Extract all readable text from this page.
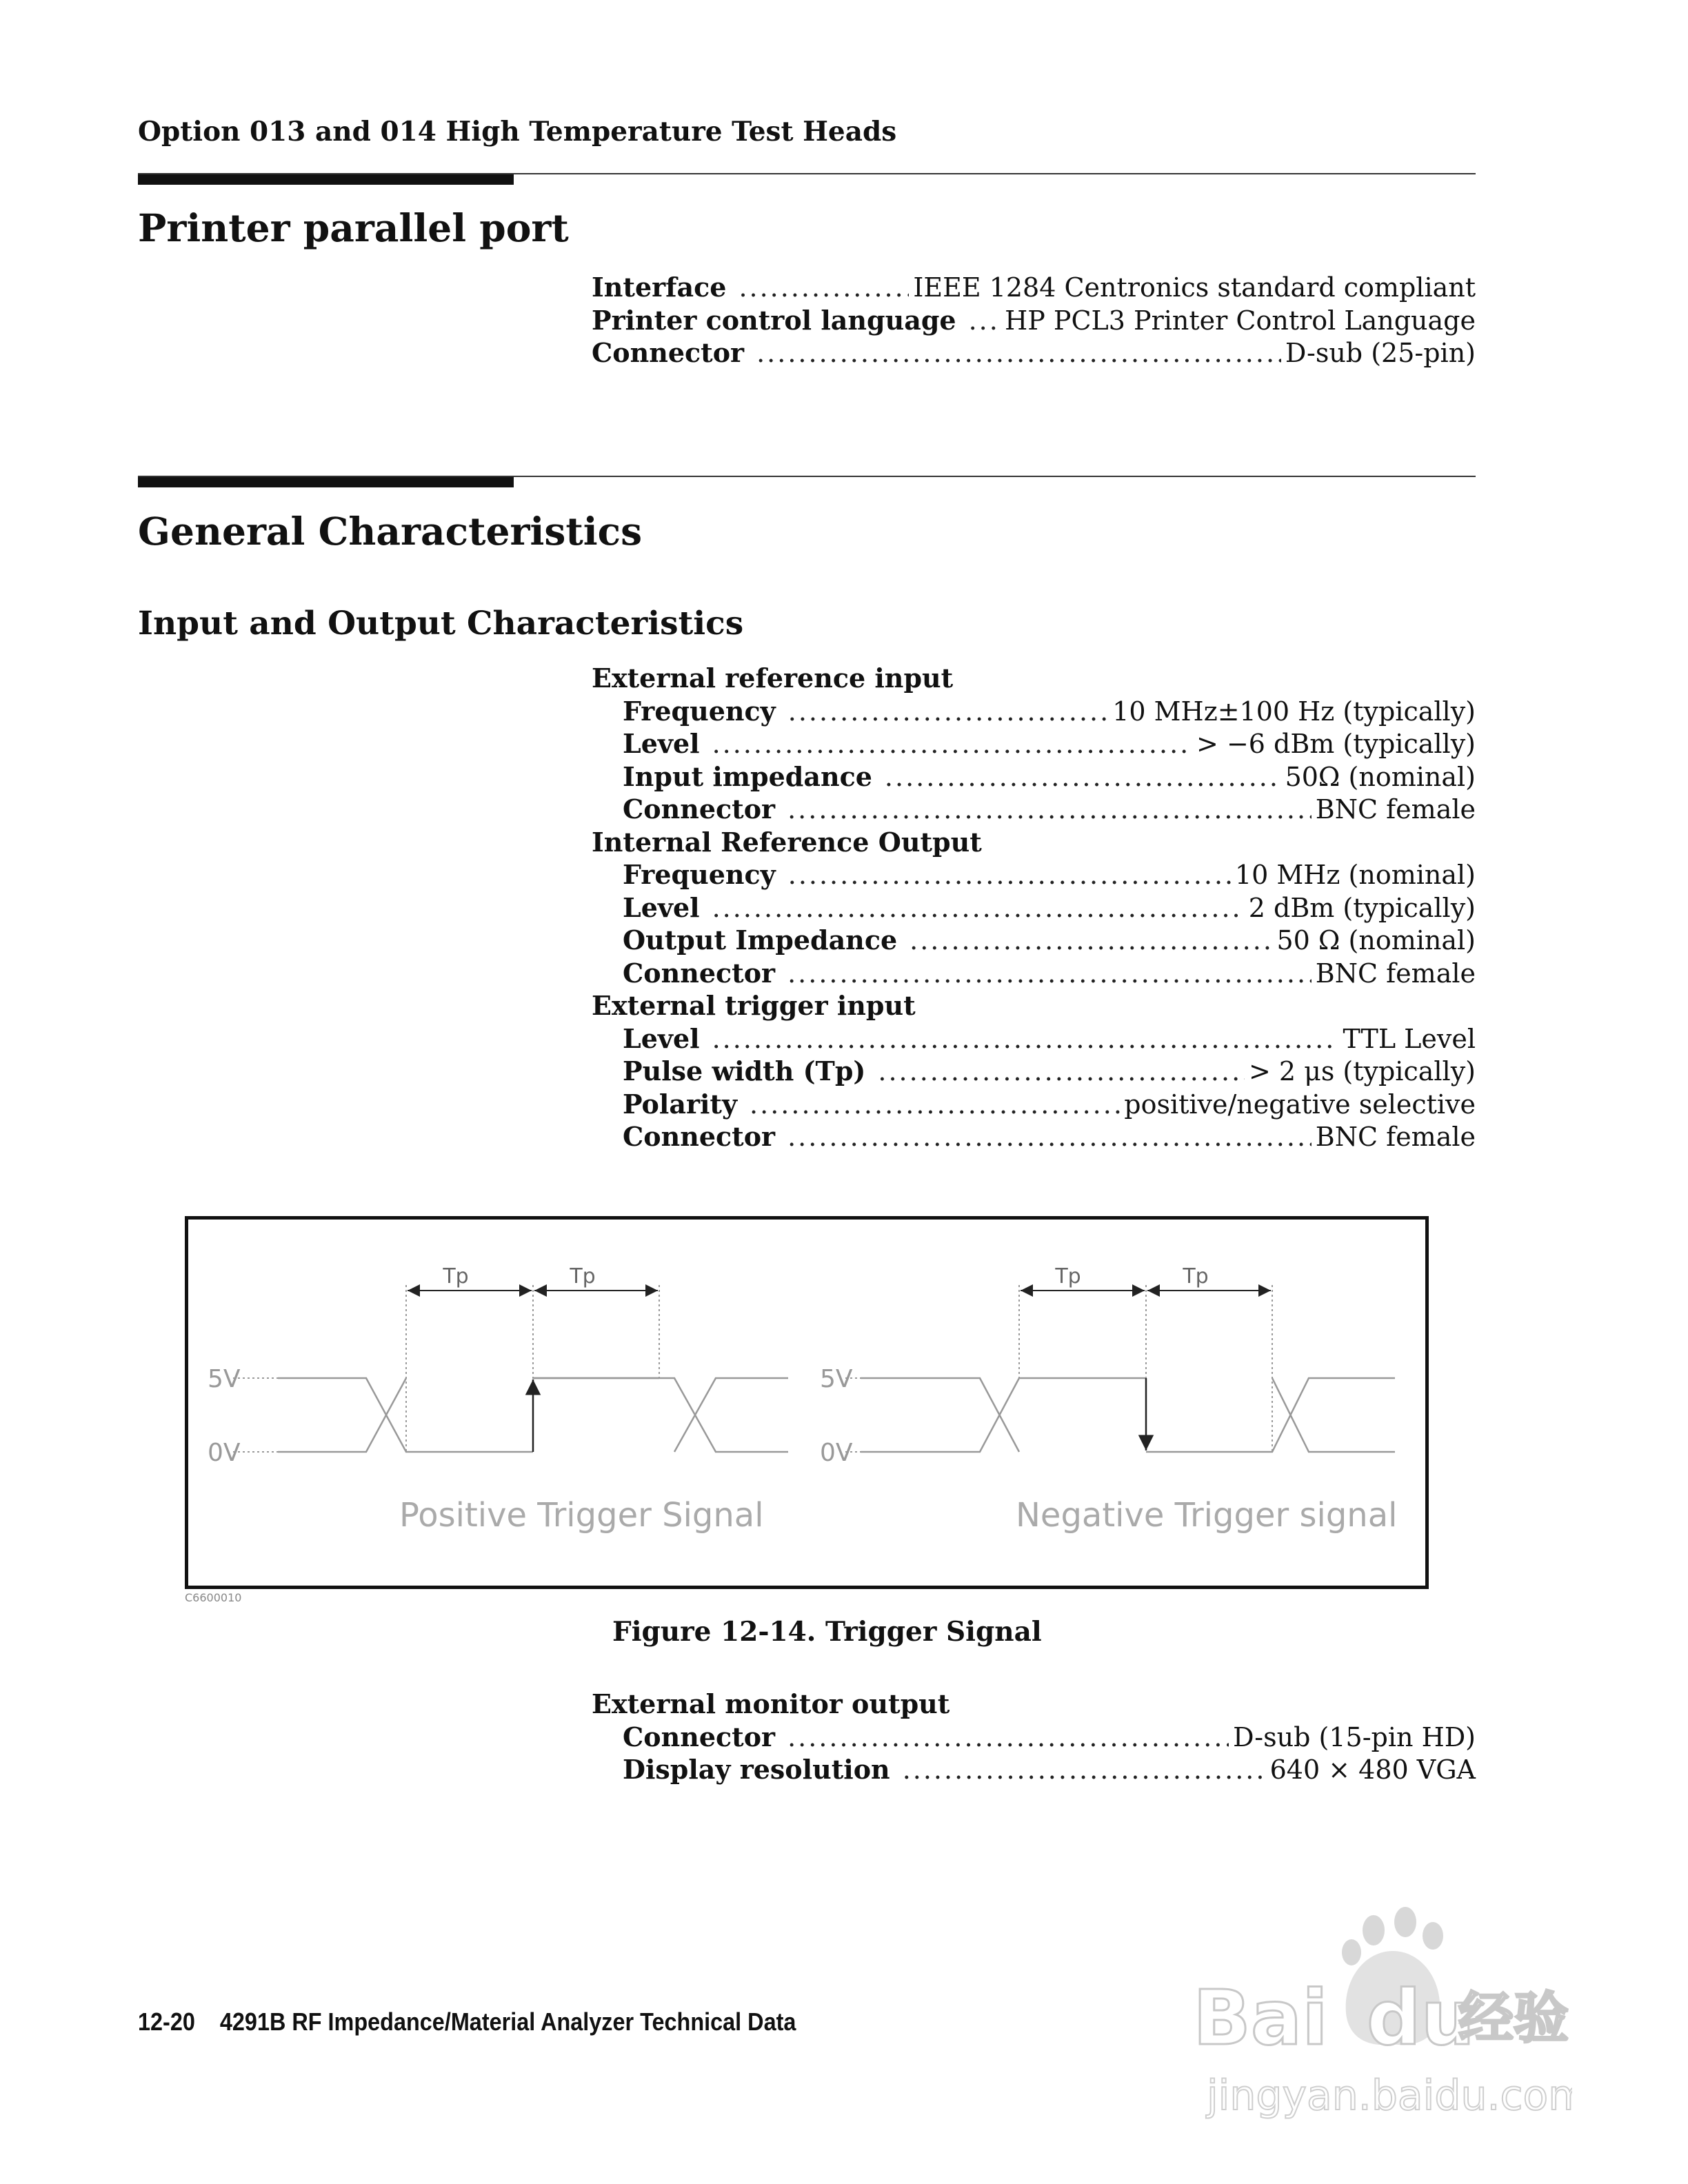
Option 013 and 014 High Temperature Test Heads
Printer parallel port
Interface .....	IEEE 1284 Centronics standard compliant
Printer control language ..... HP PCL3 Printer Control Language
Connector .....	D-sub (25-pin)
General Characteristics
Input and Output Characteristics
External reference input
Frequency .....	10 MHz±100 Hz (typically)
Level .....	> −6 dBm (typically)
Input impedance .....	50Ω (nominal)
Connector .....	BNC female
Internal Reference Output
Frequency .....	10 MHz (nominal)
Level .....	2 dBm (typically)
Output Impedance .....	50 Ω (nominal)
Connector .....	BNC female
External trigger input
Level .....	TTL Level
Pulse width (Tp) .....	> 2 μs (typically)
Polarity .....	positive/negative selective
Connector .....	BNC female
5V
0V
5V
0V
Tp	Tp	Tp	Tp
Positive Trigger Signal	Negative Trigger signal
C6600010
Figure 12-14. Trigger Signal
External monitor output
Connector .....	D-sub (15-pin HD)
Display resolution .....	640 × 480 VGA
12-20 4291B RF Impedance/Material Analyzer Technical Data	Bai du
经验
jingyan.baidu.com
